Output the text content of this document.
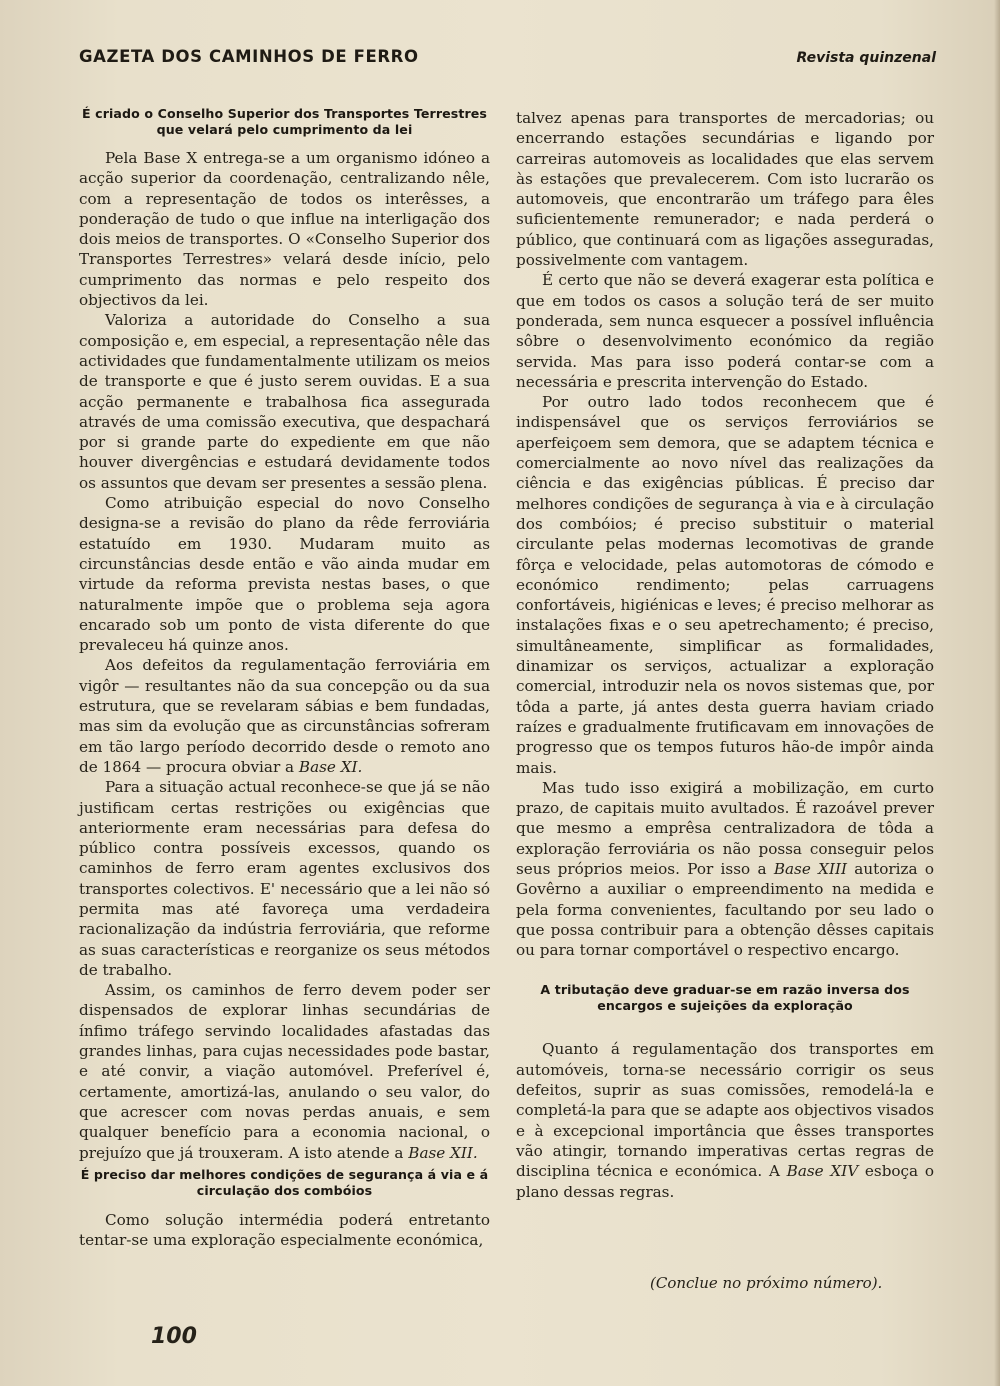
GAZETA DOS CAMINHOS DE FERRO	Revista quinzenal
É criado o Conselho Superior dos Transportes Terrestres que velará pelo cumprimento da lei

Pela Base X entrega-se a um organismo idóneo a acção superior da coordenação, centralizando nêle, com a representação de todos os interêsses, a ponderação de tudo o que influe na interligação dos dois meios de transportes. O «Conselho Superior dos Transportes Terrestres» velará desde início, pelo cumprimento das normas e pelo respeito dos objectivos da lei.

Valoriza a autoridade do Conselho a sua composição e, em especial, a representação nêle das actividades que fundamentalmente utilizam os meios de transporte e que é justo serem ouvidas. E a sua acção permanente e trabalhosa fica assegurada através de uma comissão executiva, que despachará por si grande parte do expediente em que não houver divergências e estudará devidamente todos os assuntos que devam ser presentes a sessão plena.

Como atribuição especial do novo Conselho designa-se a revisão do plano da rêde ferroviária estatuído em 1930. Mudaram muito as circunstâncias desde então e vão ainda mudar em virtude da reforma prevista nestas bases, o que naturalmente impõe que o problema seja agora encarado sob um ponto de vista diferente do que prevaleceu há quinze anos.

Aos defeitos da regulamentação ferroviária em vigôr — resultantes não da sua concepção ou da sua estrutura, que se revelaram sábias e bem fundadas, mas sim da evolução que as circunstâncias sofreram em tão largo período decorrido desde o remoto ano de 1864 — procura obviar a Base XI.

Para a situação actual reconhece-se que já se não justificam certas restrições ou exigências que anteriormente eram necessárias para defesa do público contra possíveis excessos, quando os caminhos de ferro eram agentes exclusivos dos transportes colectivos. E' necessário que a lei não só permita mas até favoreça uma verdadeira racionalização da indústria ferroviária, que reforme as suas características e reorganize os seus métodos de trabalho.

Assim, os caminhos de ferro devem poder ser dispensados de explorar linhas secundárias de ínfimo tráfego servindo localidades afastadas das grandes linhas, para cujas necessidades pode bastar, e até convir, a viação automóvel. Preferível é, certamente, amortizá-las, anulando o seu valor, do que acrescer com novas perdas anuais, e sem qualquer benefício para a economia nacional, o prejuízo que já trouxeram. A isto atende a Base XII.

É preciso dar melhores condições de segurança á via e á circulação dos combóios

Como solução intermédia poderá entretanto tentar-se uma exploração especialmente económica,

talvez apenas para transportes de mercadorias; ou encerrando estações secundárias e ligando por carreiras automoveis as localidades que elas servem às estações que prevalecerem. Com isto lucrarão os automoveis, que encontrarão um tráfego para êles suficientemente remunerador; e nada perderá o público, que continuará com as ligações asseguradas, possivelmente com vantagem.

É certo que não se deverá exagerar esta política e que em todos os casos a solução terá de ser muito ponderada, sem nunca esquecer a possível influência sôbre o desenvolvimento económico da região servida. Mas para isso poderá contar-se com a necessária e prescrita intervenção do Estado.

Por outro lado todos reconhecem que é indispensável que os serviços ferroviários se aperfeiçoem sem demora, que se adaptem técnica e comercialmente ao novo nível das realizações da ciência e das exigências públicas. É preciso dar melhores condições de segurança à via e à circulação dos combóios; é preciso substituir o material circulante pelas modernas lecomotivas de grande fôrça e velocidade, pelas automotoras de cómodo e económico rendimento; pelas carruagens confortáveis, higiénicas e leves; é preciso melhorar as instalações fixas e o seu apetrechamento; é preciso, simultâneamente, simplificar as formalidades, dinamizar os serviços, actualizar a exploração comercial, introduzir nela os novos sistemas que, por tôda a parte, já antes desta guerra haviam criado raízes e gradualmente frutificavam em innovações de progresso que os tempos futuros hão-de impôr ainda mais.

Mas tudo isso exigirá a mobilização, em curto prazo, de capitais muito avultados. É razoável prever que mesmo a emprêsa centralizadora de tôda a exploração ferroviária os não possa conseguir pelos seus próprios meios. Por isso a Base XIII autoriza o Govêrno a auxiliar o empreendimento na medida e pela forma convenientes, facultando por seu lado o que possa contribuir para a obtenção dêsses capitais ou para tornar comportável o respectivo encargo.

A tributação deve graduar-se em razão inversa dos encargos e sujeições da exploração

Quanto á regulamentação dos transportes em automóveis, torna-se necessário corrigir os seus defeitos, suprir as suas comissões, remodelá-la e completá-la para que se adapte aos objectivos visados e à excepcional importância que êsses transportes vão atingir, tornando imperativas certas regras de disciplina técnica e económica. A Base XIV esboça o plano dessas regras.

(Conclue no próximo número).
100
